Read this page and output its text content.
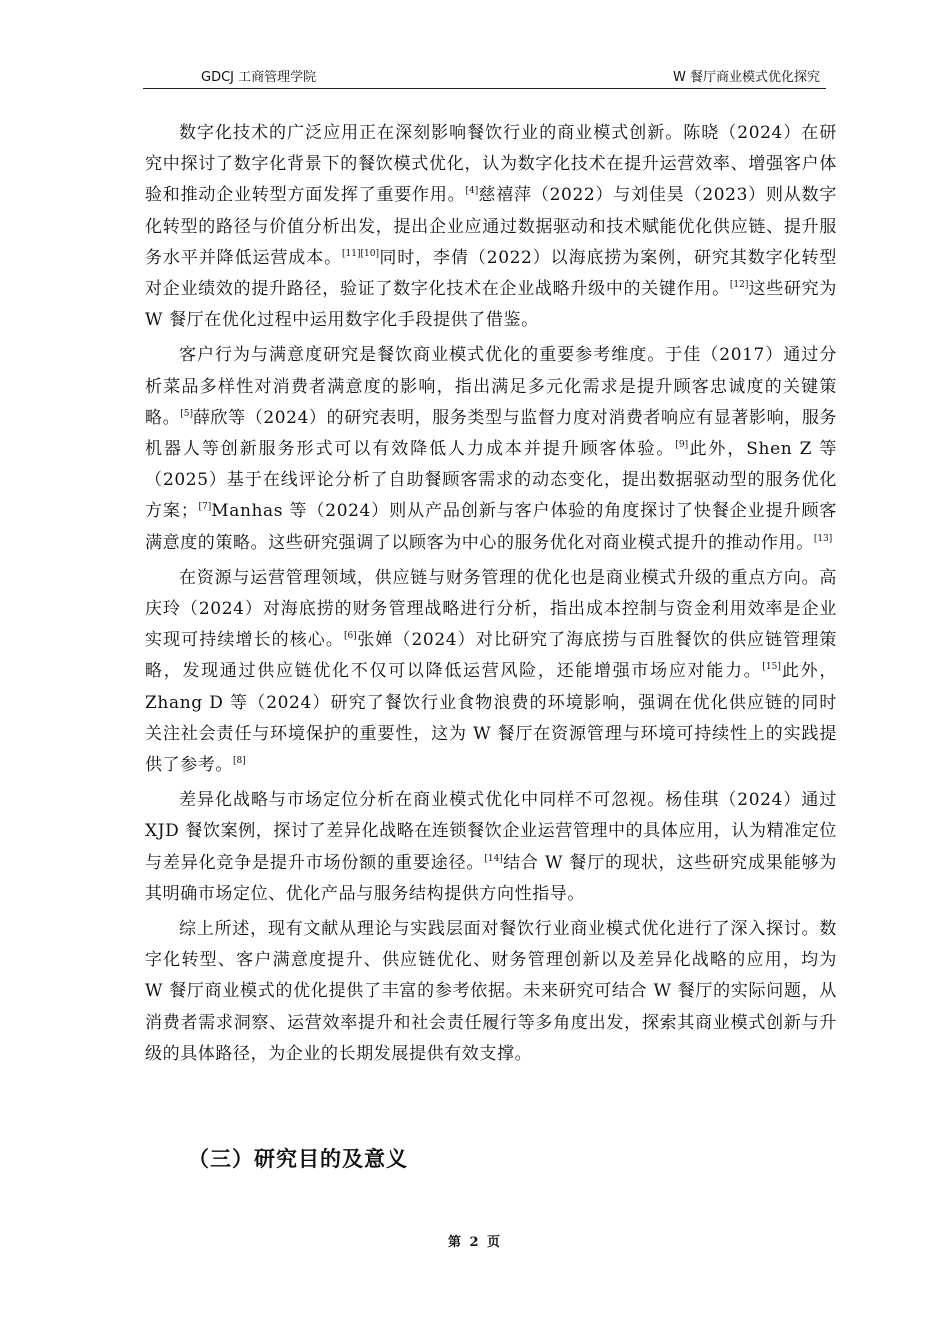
GDCJ 工商管理学院	W 餐厅商业模式优化探究

数字化技术的广泛应用正在深刻影响餐饮行业的商业模式创新。陈晓（2024）在研究中探讨了数字化背景下的餐饮模式优化，认为数字化技术在提升运营效率、增强客户体验和推动企业转型方面发挥了重要作用。[4]慈禧萍（2022）与刘佳昊（2023）则从数字化转型的路径与价值分析出发，提出企业应通过数据驱动和技术赋能优化供应链、提升服务水平并降低运营成本。[11][10]同时，李倩（2022）以海底捞为案例，研究其数字化转型对企业绩效的提升路径，验证了数字化技术在企业战略升级中的关键作用。[12]这些研究为 W 餐厅在优化过程中运用数字化手段提供了借鉴。

客户行为与满意度研究是餐饮商业模式优化的重要参考维度。于佳（2017）通过分析菜品多样性对消费者满意度的影响，指出满足多元化需求是提升顾客忠诚度的关键策略。[5]薛欣等（2024）的研究表明，服务类型与监督力度对消费者响应有显著影响，服务机器人等创新服务形式可以有效降低人力成本并提升顾客体验。[9]此外，Shen Z 等（2025）基于在线评论分析了自助餐顾客需求的动态变化，提出数据驱动型的服务优化方案；[7]Manhas 等（2024）则从产品创新与客户体验的角度探讨了快餐企业提升顾客满意度的策略。这些研究强调了以顾客为中心的服务优化对商业模式提升的推动作用。[13]

在资源与运营管理领域，供应链与财务管理的优化也是商业模式升级的重点方向。高庆玲（2024）对海底捞的财务管理战略进行分析，指出成本控制与资金利用效率是企业实现可持续增长的核心。[6]张婵（2024）对比研究了海底捞与百胜餐饮的供应链管理策略，发现通过供应链优化不仅可以降低运营风险，还能增强市场应对能力。[15]此外，Zhang D 等（2024）研究了餐饮行业食物浪费的环境影响，强调在优化供应链的同时关注社会责任与环境保护的重要性，这为 W 餐厅在资源管理与环境可持续性上的实践提供了参考。[8]

差异化战略与市场定位分析在商业模式优化中同样不可忽视。杨佳琪（2024）通过 XJD 餐饮案例，探讨了差异化战略在连锁餐饮企业运营管理中的具体应用，认为精准定位与差异化竞争是提升市场份额的重要途径。[14]结合 W 餐厅的现状，这些研究成果能够为其明确市场定位、优化产品与服务结构提供方向性指导。

综上所述，现有文献从理论与实践层面对餐饮行业商业模式优化进行了深入探讨。数字化转型、客户满意度提升、供应链优化、财务管理创新以及差异化战略的应用，均为 W 餐厅商业模式的优化提供了丰富的参考依据。未来研究可结合 W 餐厅的实际问题，从消费者需求洞察、运营效率提升和社会责任履行等多角度出发，探索其商业模式创新与升级的具体路径，为企业的长期发展提供有效支撑。

（三）研究目的及意义
第 2 页
